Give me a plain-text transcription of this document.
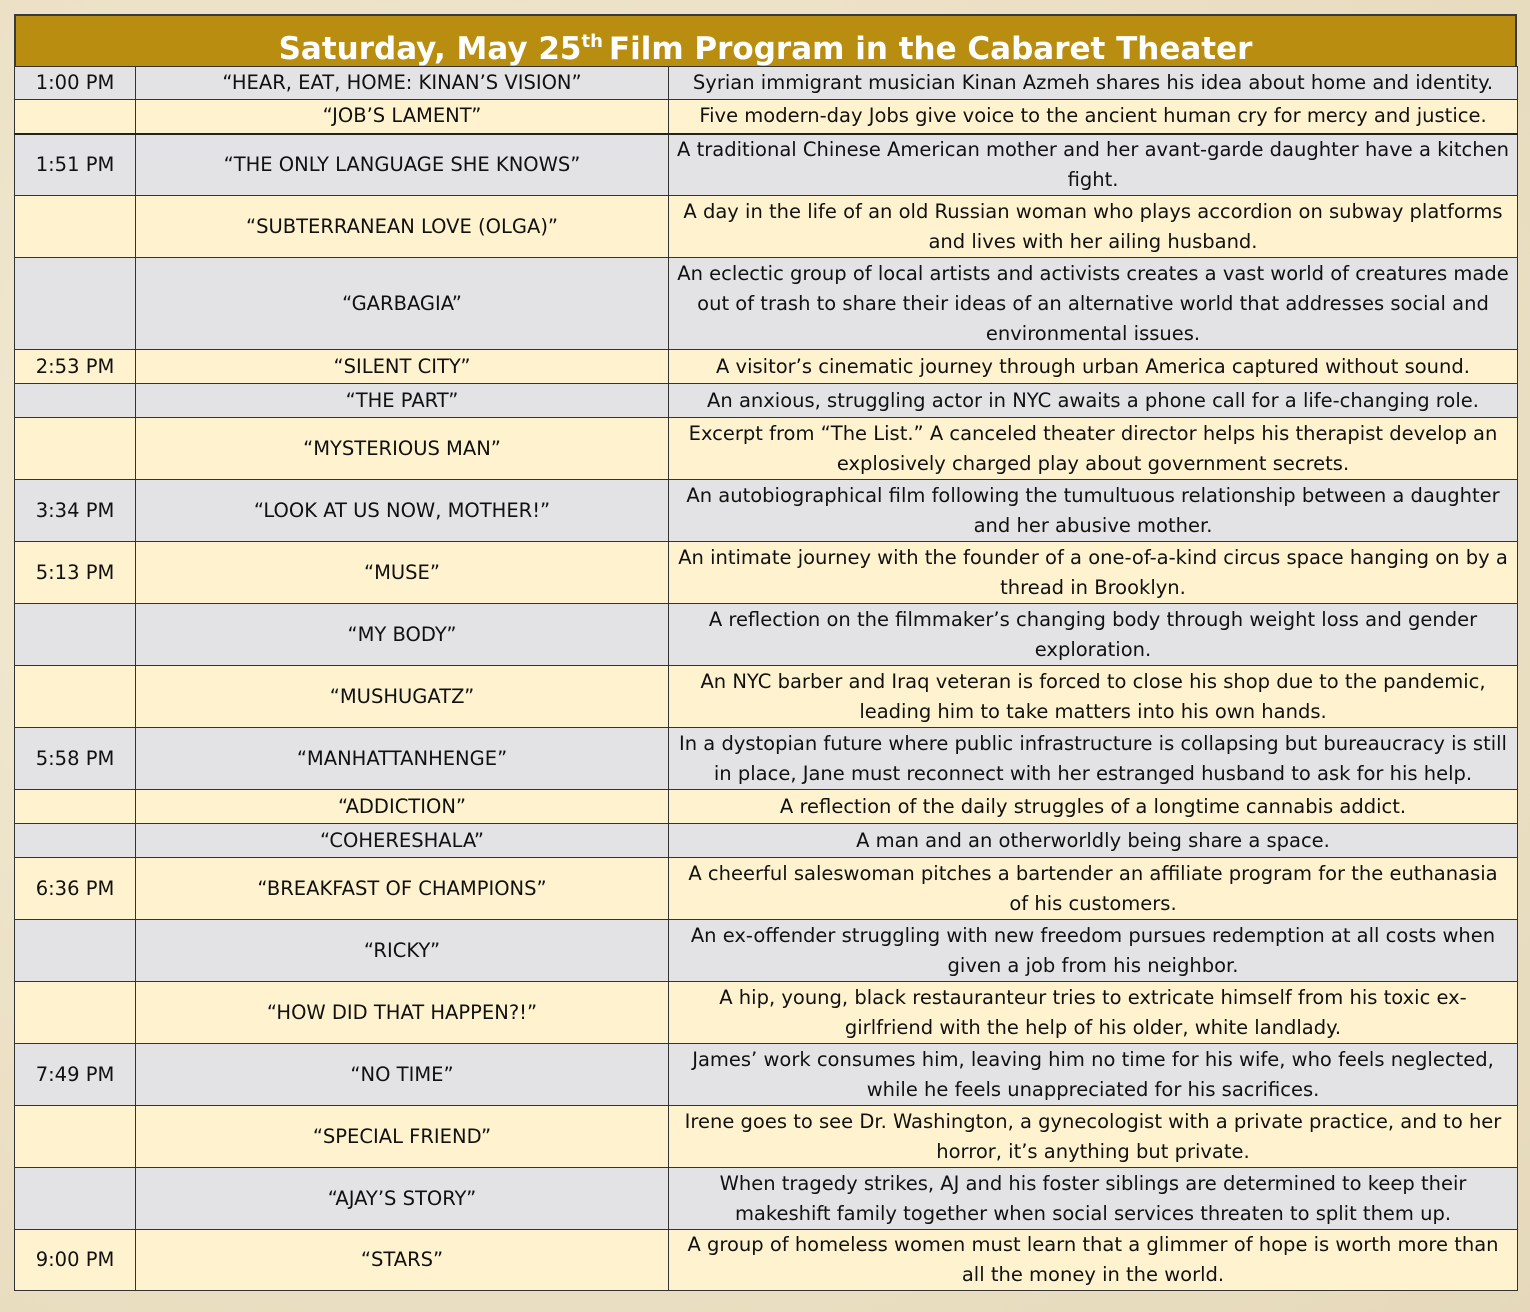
Saturday, May 25th Film Program in the Cabaret Theater
1:00 PM	“HEAR, EAT, HOME: KINAN’S VISION”	Syrian immigrant musician Kinan Azmeh shares his idea about home and identity.
	“JOB’S LAMENT”	Five modern-day Jobs give voice to the ancient human cry for mercy and justice.
1:51 PM	“THE ONLY LANGUAGE SHE KNOWS”	A traditional Chinese American mother and her avant-garde daughter have a kitchen fight.
	“SUBTERRANEAN LOVE (OLGA)”	A day in the life of an old Russian woman who plays accordion on subway platforms and lives with her ailing husband.
	“GARBAGIA”	An eclectic group of local artists and activists creates a vast world of creatures made out of trash to share their ideas of an alternative world that addresses social and environmental issues.
2:53 PM	“SILENT CITY”	A visitor’s cinematic journey through urban America captured without sound.
	“THE PART”	An anxious, struggling actor in NYC awaits a phone call for a life-changing role.
	“MYSTERIOUS MAN”	Excerpt from “The List.” A canceled theater director helps his therapist develop an explosively charged play about government secrets.
3:34 PM	“LOOK AT US NOW, MOTHER!”	An autobiographical film following the tumultuous relationship between a daughter and her abusive mother.
5:13 PM	“MUSE”	An intimate journey with the founder of a one-of-a-kind circus space hanging on by a thread in Brooklyn.
	“MY BODY”	A reflection on the filmmaker’s changing body through weight loss and gender exploration.
	“MUSHUGATZ”	An NYC barber and Iraq veteran is forced to close his shop due to the pandemic, leading him to take matters into his own hands.
5:58 PM	“MANHATTANHENGE”	In a dystopian future where public infrastructure is collapsing but bureaucracy is still in place, Jane must reconnect with her estranged husband to ask for his help.
	“ADDICTION”	A reflection of the daily struggles of a longtime cannabis addict.
	“COHERESHALA”	A man and an otherworldly being share a space.
6:36 PM	“BREAKFAST OF CHAMPIONS”	A cheerful saleswoman pitches a bartender an affiliate program for the euthanasia of his customers.
	“RICKY”	An ex-offender struggling with new freedom pursues redemption at all costs when given a job from his neighbor.
	“HOW DID THAT HAPPEN?!”	A hip, young, black restauranteur tries to extricate himself from his toxic ex-girlfriend with the help of his older, white landlady.
7:49 PM	“NO TIME”	James’ work consumes him, leaving him no time for his wife, who feels neglected, while he feels unappreciated for his sacrifices.
	“SPECIAL FRIEND”	Irene goes to see Dr. Washington, a gynecologist with a private practice, and to her horror, it’s anything but private.
	“AJAY’S STORY”	When tragedy strikes, AJ and his foster siblings are determined to keep their makeshift family together when social services threaten to split them up.
9:00 PM	“STARS”	A group of homeless women must learn that a glimmer of hope is worth more than all the money in the world.
